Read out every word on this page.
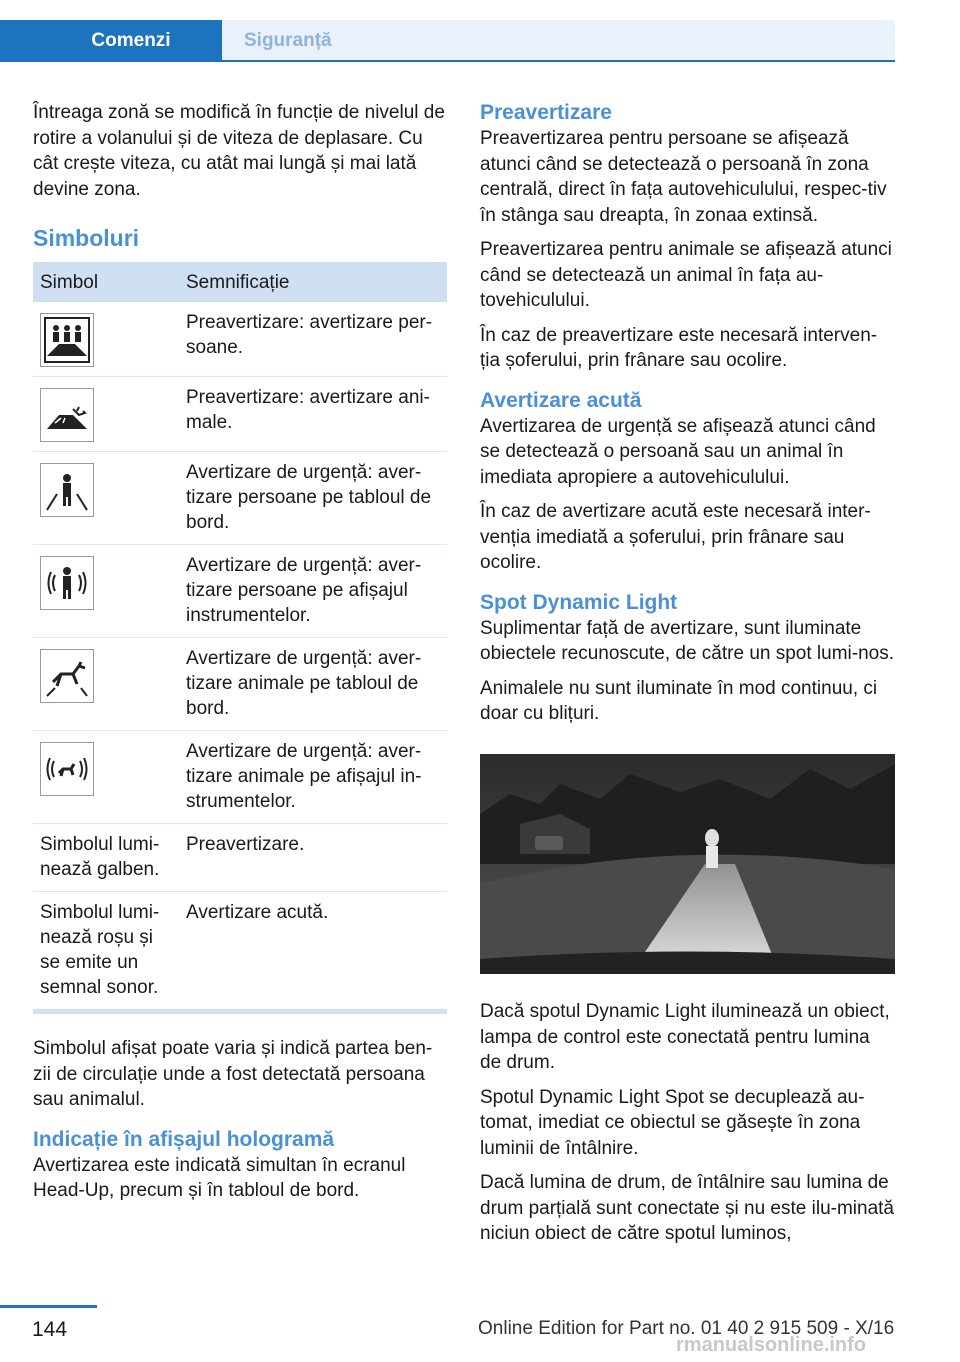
Comenzi	Siguranță

Întreaga zonă se modifică în funcție de nivelul de rotire a volanului și de viteza de deplasare. Cu cât crește viteza, cu atât mai lungă și mai lată devine zona.

Simboluri
Simbol	Semnificație

	Preavertizare: avertizare per-soane.

	Preavertizare: avertizare ani-male.

	Avertizare de urgență: aver-tizare persoane pe tabloul de bord.

	Avertizare de urgență: aver-tizare persoane pe afișajul instrumentelor.

	Avertizare de urgență: aver-tizare animale pe tabloul de bord.

	Avertizare de urgență: aver-tizare animale pe afișajul in-strumentelor.
Simbolul lumi-nează galben.	Preavertizare.
Simbolul lumi-nează roșu și se emite un semnal sonor.	Avertizare acută.

Simbolul afișat poate varia și indică partea ben-zii de circulație unde a fost detectată persoana sau animalul.

Indicație în afișajul hologramă

Avertizarea este indicată simultan în ecranul Head-Up, precum și în tabloul de bord.

Preavertizare

Preavertizarea pentru persoane se afișează atunci când se detectează o persoană în zona centrală, direct în fața autovehiculului, respec-tiv în stânga sau dreapta, în zonaa extinsă.

Preavertizarea pentru animale se afișează atunci când se detectează un animal în fața au-tovehiculului.

În caz de preavertizare este necesară interven-ția șoferului, prin frânare sau ocolire.

Avertizare acută

Avertizarea de urgență se afișează atunci când se detectează o persoană sau un animal în imediata apropiere a autovehiculului.

În caz de avertizare acută este necesară inter-venția imediată a șoferului, prin frânare sau ocolire.

Spot Dynamic Light

Suplimentar față de avertizare, sunt iluminate obiectele recunoscute, de către un spot lumi-nos.

Animalele nu sunt iluminate în mod continuu, ci doar cu blițuri.

Dacă spotul Dynamic Light iluminează un obiect, lampa de control este conectată pentru lumina de drum.

Spotul Dynamic Light Spot se decuplează au-tomat, imediat ce obiectul se găsește în zona luminii de întâlnire.

Dacă lumina de drum, de întâlnire sau lumina de drum parțială sunt conectate și nu este ilu-minată niciun obiect de către spotul luminos,

144	Online Edition for Part no. 01 40 2 915 509 - X/16
rmanualsonline.info
